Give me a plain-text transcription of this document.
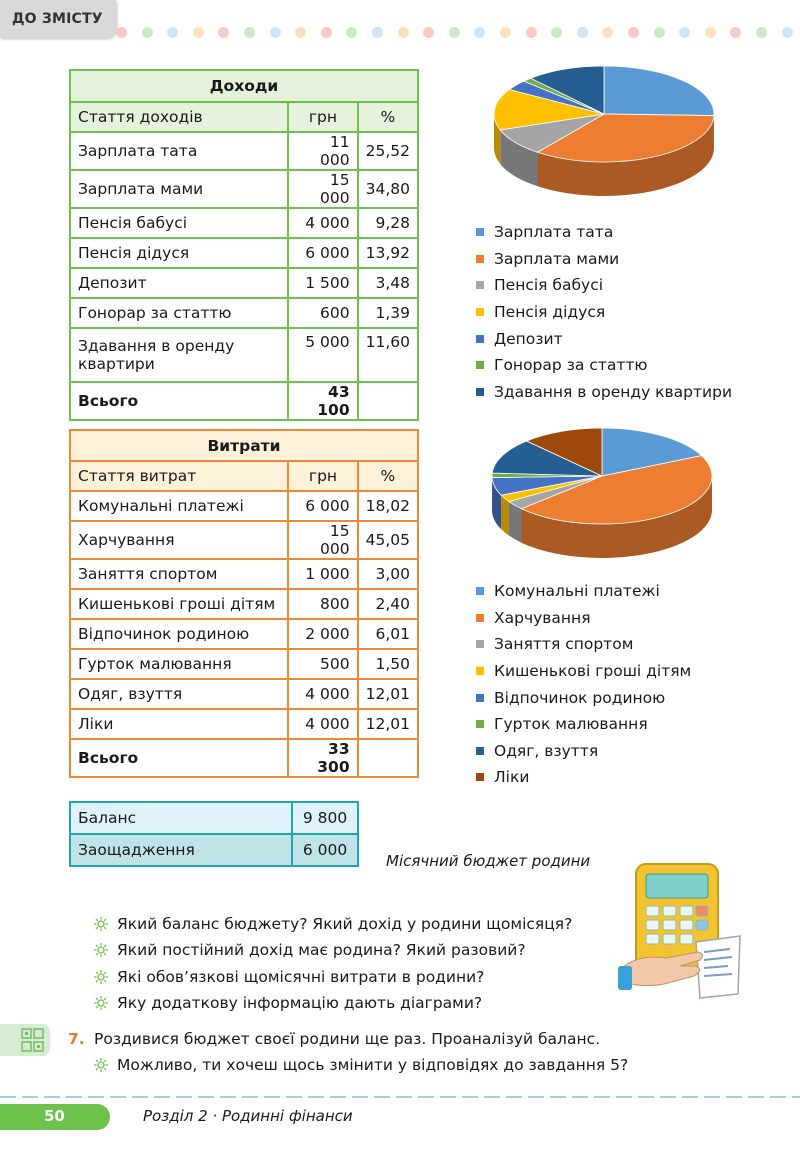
ДО ЗМІСТУ
Доходи		
Стаття доходів	грн	%
Зарплата тата	11 000	25,52
Зарплата мами	15 000	34,80
Пенсія бабусі	4 000	9,28
Пенсія дідуся	6 000	13,92
Депозит	1 500	3,48
Гонорар за статтю	600	1,39
Здавання в оренду квартири	5 000	11,60
Всього	43 100	
Витрати		
Стаття витрат	грн	%
Комунальні платежі	6 000	18,02
Харчування	15 000	45,05
Заняття спортом	1 000	3,00
Кишенькові гроші дітям	800	2,40
Відпочинок родиною	2 000	6,01
Гурток малювання	500	1,50
Одяг, взуття	4 000	12,01
Ліки	4 000	12,01
Всього	33 300	
Баланс	9 800
Заощадження	6 000
Зарплата тата
Зарплата мами
Пенсія бабусі
Пенсія дідуся
Депозит
Гонорар за статтю
Здавання в оренду квартири
Комунальні платежі
Харчування
Заняття спортом
Кишенькові гроші дітям
Відпочинок родиною
Гурток малювання
Одяг, взуття
Ліки
Місячний бюджет родини
Який баланс бюджету? Який дохід у родини щомісяця?
Який постійний дохід має родина? Який разовий?
Які обов’язкові щомісячні витрати в родини?
Яку додаткову інформацію дають діаграми?
7. Роздивися бюджет своєї родини ще раз. Проаналізуй баланс.
Можливо, ти хочеш щось змінити у відповідях до завдання 5?
50	Розділ 2 · Родинні фінанси
